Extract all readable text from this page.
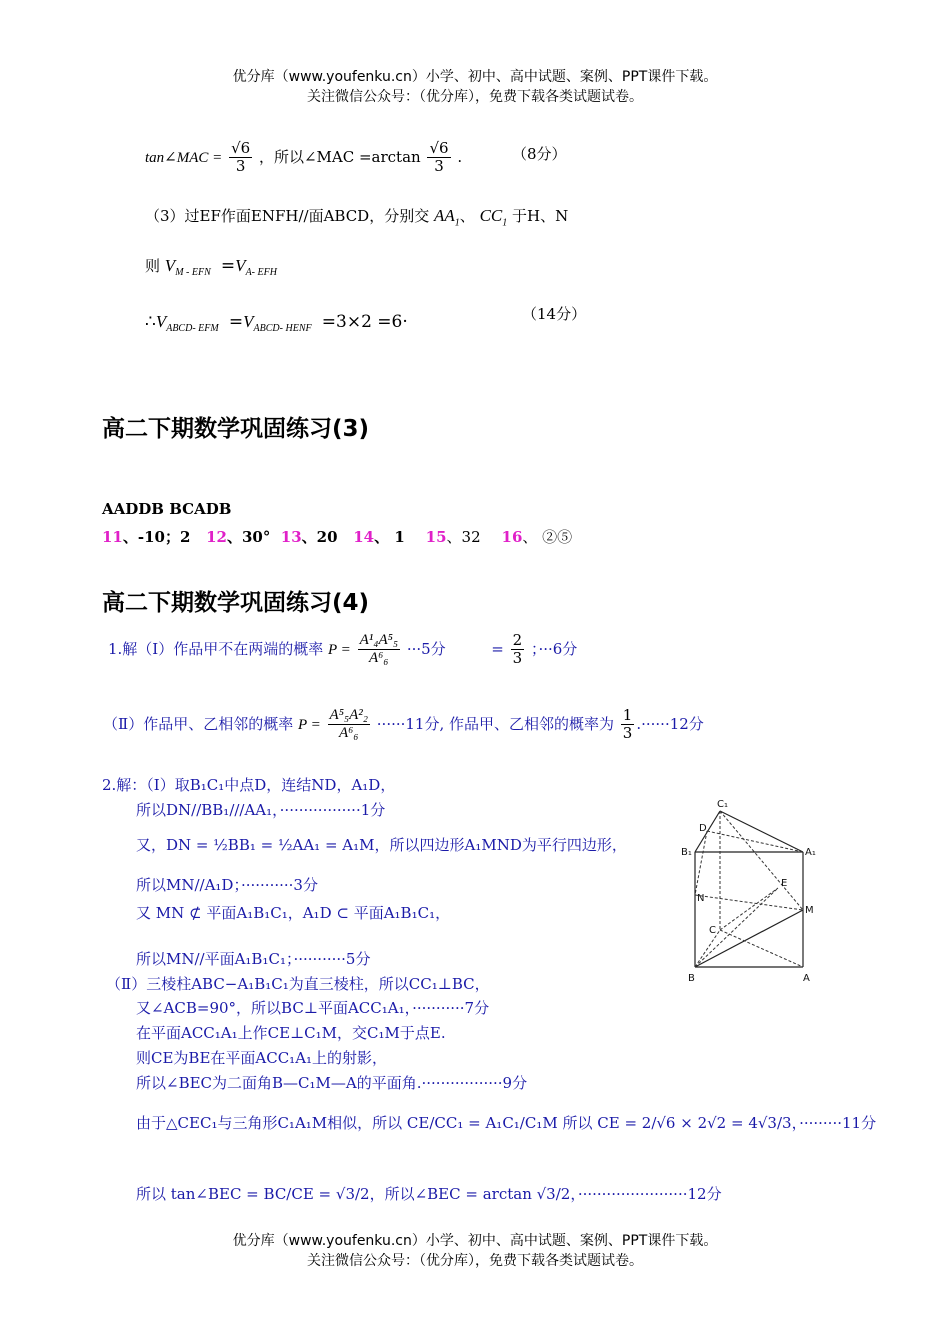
优分库（www.youfenku.cn）小学、初中、高中试题、案例、PPT课件下载。
关注微信公众号：（优分库），免费下载各类试题试卷。
tan∠MAC = $\frac{√6}{3}$ ，所以∠MAC $=\arctan \frac{√6}{3}$ .	（8分）
（3）过EF作面ENFH//面ABCD，分别交 $AA_1$、 $CC_1$ 于H、N
则 $V_{M - EFN} =V_{A- EFH}$
$\therefore V_{ABCD- EFM} =V_{ABCD- HENF} =3\times 2 =6\cdot$	（14分）
高二下期数学巩固练习(3)
AADDB BCADB
11、-10；2 12、30° 13、20 14、 1 15、32 16、 ②⑤
高二下期数学巩固练习(4)
1.解（Ⅰ）作品甲不在两端的概率 $P = \frac{\text{A¹₄A⁵₅}}{\text{A⁶₆}} \cdot\cdot\cdot 5$分	= $\frac{2}{3}$ ；···6分
（Ⅱ）作品甲、乙相邻的概率 $P = \frac{\text{A⁵₅A²₂}}{\text{A⁶₆}} \cdot\cdot\cdot\cdot\cdot\cdot 11$分, 作品甲、乙相邻的概率为 $\frac{1}{3} .\cdot\cdot\cdot\cdot\cdot\cdot 12$分
2.解：（Ⅰ）取B₁C₁中点D，连结ND，A₁D，
所以DN//BB₁///AA₁，·················1分
又，DN = ½BB₁ = ½AA₁ = A₁M，所以四边形A₁MND为平行四边形，
所以MN//A₁D；···········3分
又 MN ⊄ 平面A₁B₁C₁，A₁D ⊂ 平面A₁B₁C₁，
所以MN//平面A₁B₁C₁；···········5分
（Ⅱ）三棱柱ABC−A₁B₁C₁为直三棱柱，所以CC₁⊥BC，
又∠ACB=90°，所以BC⊥平面ACC₁A₁，···········7分
在平面ACC₁A₁上作CE⊥C₁M，交C₁M于点E.
则CE为BE在平面ACC₁A₁上的射影，
所以∠BEC为二面角B—C₁M—A的平面角.·················9分
由于△CEC₁与三角形C₁A₁M相似，所以 CE/CC₁ = A₁C₁/C₁M 所以 CE = 2/√6 × 2√2 = 4√3/3，·········11分
所以 tan∠BEC = BC/CE = √3/2，所以∠BEC = arctan √3/2，·······················12分
C₁
D
B₁	A₁
E
N
M
C
B	A
优分库（www.youfenku.cn）小学、初中、高中试题、案例、PPT课件下载。
关注微信公众号：（优分库），免费下载各类试题试卷。
